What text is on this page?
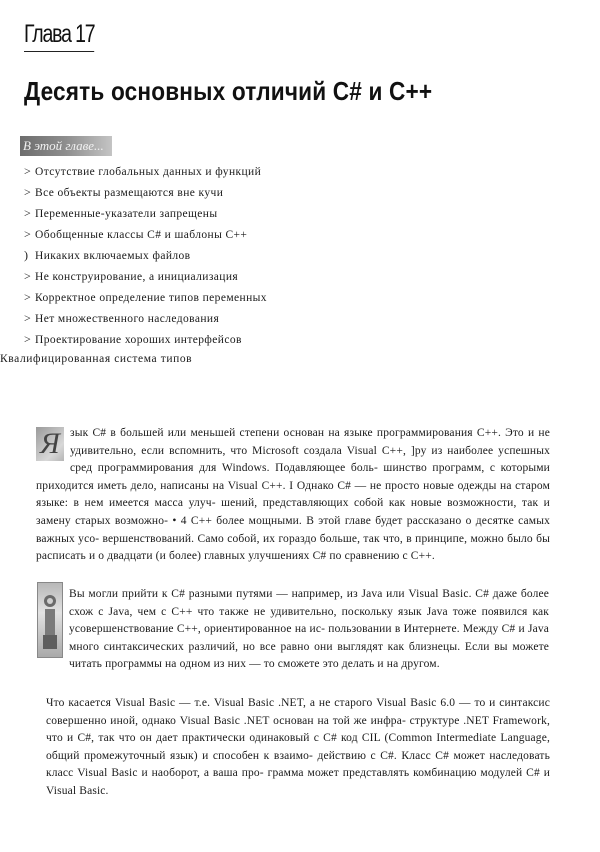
Глава 17
Десять основных отличий C# и C++
В этой главе...
> Отсутствие глобальных данных и функций
> Все объекты размещаются вне кучи
> Переменные-указатели запрещены
> Обобщенные классы C# и шаблоны C++
) Никаких включаемых файлов
> Не конструирование, а инициализация
> Корректное определение типов переменных
> Нет множественного наследования
> Проектирование хороших интерфейсов
Квалифицированная система типов
Я зык C# в большей или меньшей степени основан на языке программирования C++. Это и не удивительно, если вспомнить, что Microsoft создала Visual C++, ]ру из наиболее успешных сред программирования для Windows. Подавляющее боль- шинство программ, с которыми приходится иметь дело, написаны на Visual C++. I Однако C# — не просто новые одежды на старом языке: в нем имеется масса улуч- шений, представляющих собой как новые возможности, так и замену старых возможно- • 4 C++ более мощными. В этой главе будет рассказано о десятке самых важных усо- вершенствований. Само собой, их гораздо больше, так что, в принципе, можно было бы расписать и о двадцати (и более) главных улучшениях C# по сравнению с C++.

Вы могли прийти к C# разными путями — например, из Java или Visual Basic. C# даже более схож с Java, чем с C++ что также не удивительно, поскольку язык Java тоже появился как усовершенствование C++, ориентированное на ис- пользовании в Интернете. Между C# и Java много синтаксических различий, но все равно они выглядят как близнецы. Если вы можете читать программы на одном из них — то сможете это делать и на другом.

Что касается Visual Basic — т.е. Visual Basic .NET, а не старого Visual Basic 6.0 — то и синтаксис совершенно иной, однако Visual Basic .NET основан на той же инфра- структуре .NET Framework, что и C#, так что он дает практически одинаковый с C# код CIL (Common Intermediate Language, общий промежуточный язык) и способен к взаимо- действию с C#. Класс C# может наследовать класс Visual Basic и наоборот, а ваша про- грамма может представлять комбинацию модулей C# и Visual Basic.
